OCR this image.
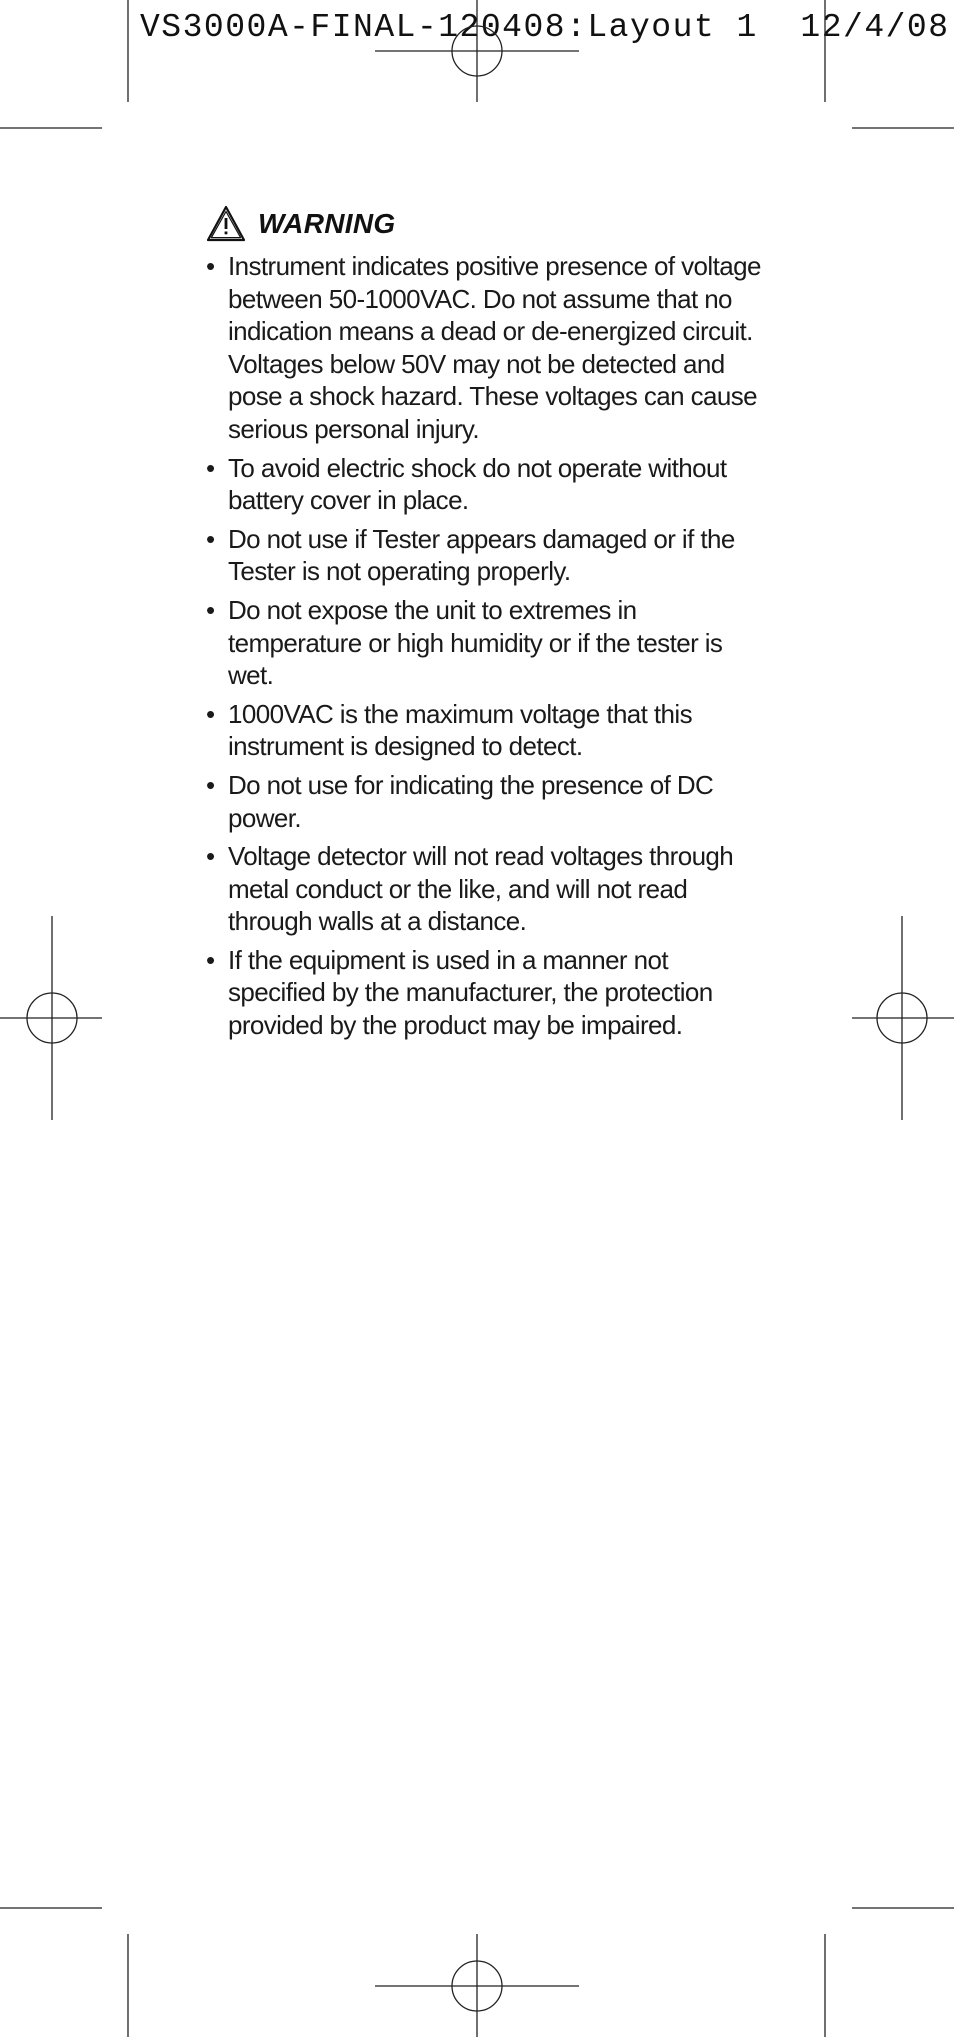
VS3000A-FINAL-120408:Layout 1 12/4/08
WARNING
• Instrument indicates positive presence of voltage between 50-1000VAC. Do not assume that no indication means a dead or de-energized circuit. Voltages below 50V may not be detected and pose a shock hazard. These voltages can cause serious personal injury.
• To avoid electric shock do not operate without battery cover in place.
• Do not use if Tester appears damaged or if the Tester is not operating properly.
• Do not expose the unit to extremes in temperature or high humidity or if the tester is wet.
• 1000VAC is the maximum voltage that this instrument is designed to detect.
• Do not use for indicating the presence of DC power.
• Voltage detector will not read voltages through metal conduct or the like, and will not read through walls at a distance.
• If the equipment is used in a manner not specified by the manufacturer, the protection provided by the product may be impaired.
